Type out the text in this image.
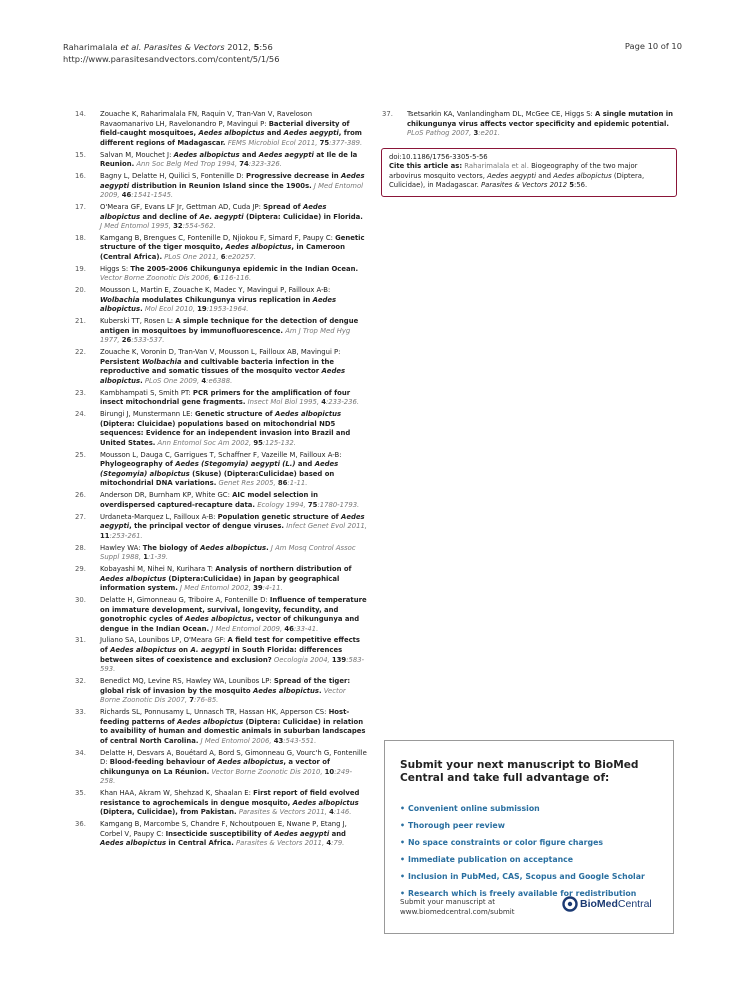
Raharimalala et al. Parasites & Vectors 2012, 5:56
http://www.parasitesandvectors.com/content/5/1/56
Page 10 of 10
14. Zouache K, Raharimalala FN, Raquin V, Tran-Van V, Raveloson Ravaomanarivo LH, Ravelonandro P, Mavingui P: Bacterial diversity of field-caught mosquitoes, Aedes albopictus and Aedes aegypti, from different regions of Madagascar. FEMS Microbiol Ecol 2011, 75:377-389.
15. Salvan M, Mouchet J: Aedes albopictus and Aedes aegypti at Ile de la Reunion. Ann Soc Belg Med Trop 1994, 74:323-326.
16. Bagny L, Delatte H, Quilici S, Fontenille D: Progressive decrease in Aedes aegypti distribution in Reunion Island since the 1900s. J Med Entomol 2009, 46:1541-1545.
17. O'Meara GF, Evans LF Jr, Gettman AD, Cuda JP: Spread of Aedes albopictus and decline of Ae. aegypti (Diptera: Culicidae) in Florida. J Med Entomol 1995, 32:554-562.
18. Kamgang B, Brengues C, Fontenille D, Njiokou F, Simard F, Paupy C: Genetic structure of the tiger mosquito, Aedes albopictus, in Cameroon (Central Africa). PLoS One 2011, 6:e20257.
19. Higgs S: The 2005-2006 Chikungunya epidemic in the Indian Ocean. Vector Borne Zoonotic Dis 2006, 6:116-116.
20. Mousson L, Martin E, Zouache K, Madec Y, Mavingui P, Failloux A-B: Wolbachia modulates Chikungunya virus replication in Aedes albopictus. Mol Ecol 2010, 19:1953-1964.
21. Kuberski TT, Rosen L: A simple technique for the detection of dengue antigen in mosquitoes by immunofluorescence. Am J Trop Med Hyg 1977, 26:533-537.
22. Zouache K, Voronin D, Tran-Van V, Mousson L, Failloux AB, Mavingui P: Persistent Wolbachia and cultivable bacteria infection in the reproductive and somatic tissues of the mosquito vector Aedes albopictus. PLoS One 2009, 4:e6388.
23. Kambhampati S, Smith PT: PCR primers for the amplification of four insect mitochondrial gene fragments. Insect Mol Biol 1995, 4:233-236.
24. Birungi J, Munstermann LE: Genetic structure of Aedes albopictus (Diptera: Cluicidae) populations based on mitochondrial ND5 sequences: Evidence for an independent invasion into Brazil and United States. Ann Entomol Soc Am 2002, 95:125-132.
25. Mousson L, Dauga C, Garrigues T, Schaffner F, Vazeille M, Failloux A-B: Phylogeography of Aedes (Stegomyia) aegypti (L.) and Aedes (Stegomyia) albopictus (Skuse) (Diptera:Culicidae) based on mitochondrial DNA variations. Genet Res 2005, 86:1-11.
26. Anderson DR, Burnham KP, White GC: AIC model selection in overdispersed captured-recapture data. Ecology 1994, 75:1780-1793.
27. Urdaneta-Marquez L, Failloux A-B: Population genetic structure of Aedes aegypti, the principal vector of dengue viruses. Infect Genet Evol 2011, 11:253-261.
28. Hawley WA: The biology of Aedes albopictus. J Am Mosq Control Assoc Suppl 1988, 1:1-39.
29. Kobayashi M, Nihei N, Kurihara T: Analysis of northern distribution of Aedes albopictus (Diptera:Culicidae) in Japan by geographical information system. J Med Entomol 2002, 39:4-11.
30. Delatte H, Gimonneau G, Triboire A, Fontenille D: Influence of temperature on immature development, survival, longevity, fecundity, and gonotrophic cycles of Aedes albopictus, vector of chikungunya and dengue in the Indian Ocean. J Med Entomol 2009, 46:33-41.
31. Juliano SA, Lounibos LP, O'Meara GF: A field test for competitive effects of Aedes albopictus on A. aegypti in South Florida: differences between sites of coexistence and exclusion? Oecologia 2004, 139:583-593.
32. Benedict MQ, Levine RS, Hawley WA, Lounibos LP: Spread of the tiger: global risk of invasion by the mosquito Aedes albopictus. Vector Borne Zoonotic Dis 2007, 7:76-85.
33. Richards SL, Ponnusamy L, Unnasch TR, Hassan HK, Apperson CS: Host-feeding patterns of Aedes albopictus (Diptera: Culicidae) in relation to avaibility of human and domestic animals in suburban landscapes of central North Carolina. J Med Entomol 2006, 43:543-551.
34. Delatte H, Desvars A, Bouétard A, Bord S, Gimonneau G, Vourc'h G, Fontenille D: Blood-feeding behaviour of Aedes albopictus, a vector of chikungunya on La Réunion. Vector Borne Zoonotic Dis 2010, 10:249-258.
35. Khan HAA, Akram W, Shehzad K, Shaalan E: First report of field evolved resistance to agrochemicals in dengue mosquito, Aedes albopictus (Diptera, Culicidae), from Pakistan. Parasites & Vectors 2011, 4:146.
36. Kamgang B, Marcombe S, Chandre F, Nchoutpouen E, Nwane P, Etang J, Corbel V, Paupy C: Insecticide susceptibility of Aedes aegypti and Aedes albopictus in Central Africa. Parasites & Vectors 2011, 4:79.
37. Tsetsarkin KA, Vanlandingham DL, McGee CE, Higgs S: A single mutation in chikungunya virus affects vector specificity and epidemic potential. PLoS Pathog 2007, 3:e201.
doi:10.1186/1756-3305-5-56
Cite this article as: Raharimalala et al. Biogeography of the two major arbovirus mosquito vectors, Aedes aegypti and Aedes albopictus (Diptera, Culicidae), in Madagascar. Parasites & Vectors 2012 5:56.
Submit your next manuscript to BioMed Central and take full advantage of:
• Convenient online submission
• Thorough peer review
• No space constraints or color figure charges
• Immediate publication on acceptance
• Inclusion in PubMed, CAS, Scopus and Google Scholar
• Research which is freely available for redistribution
Submit your manuscript at
www.biomedcentral.com/submit
BioMed Central
